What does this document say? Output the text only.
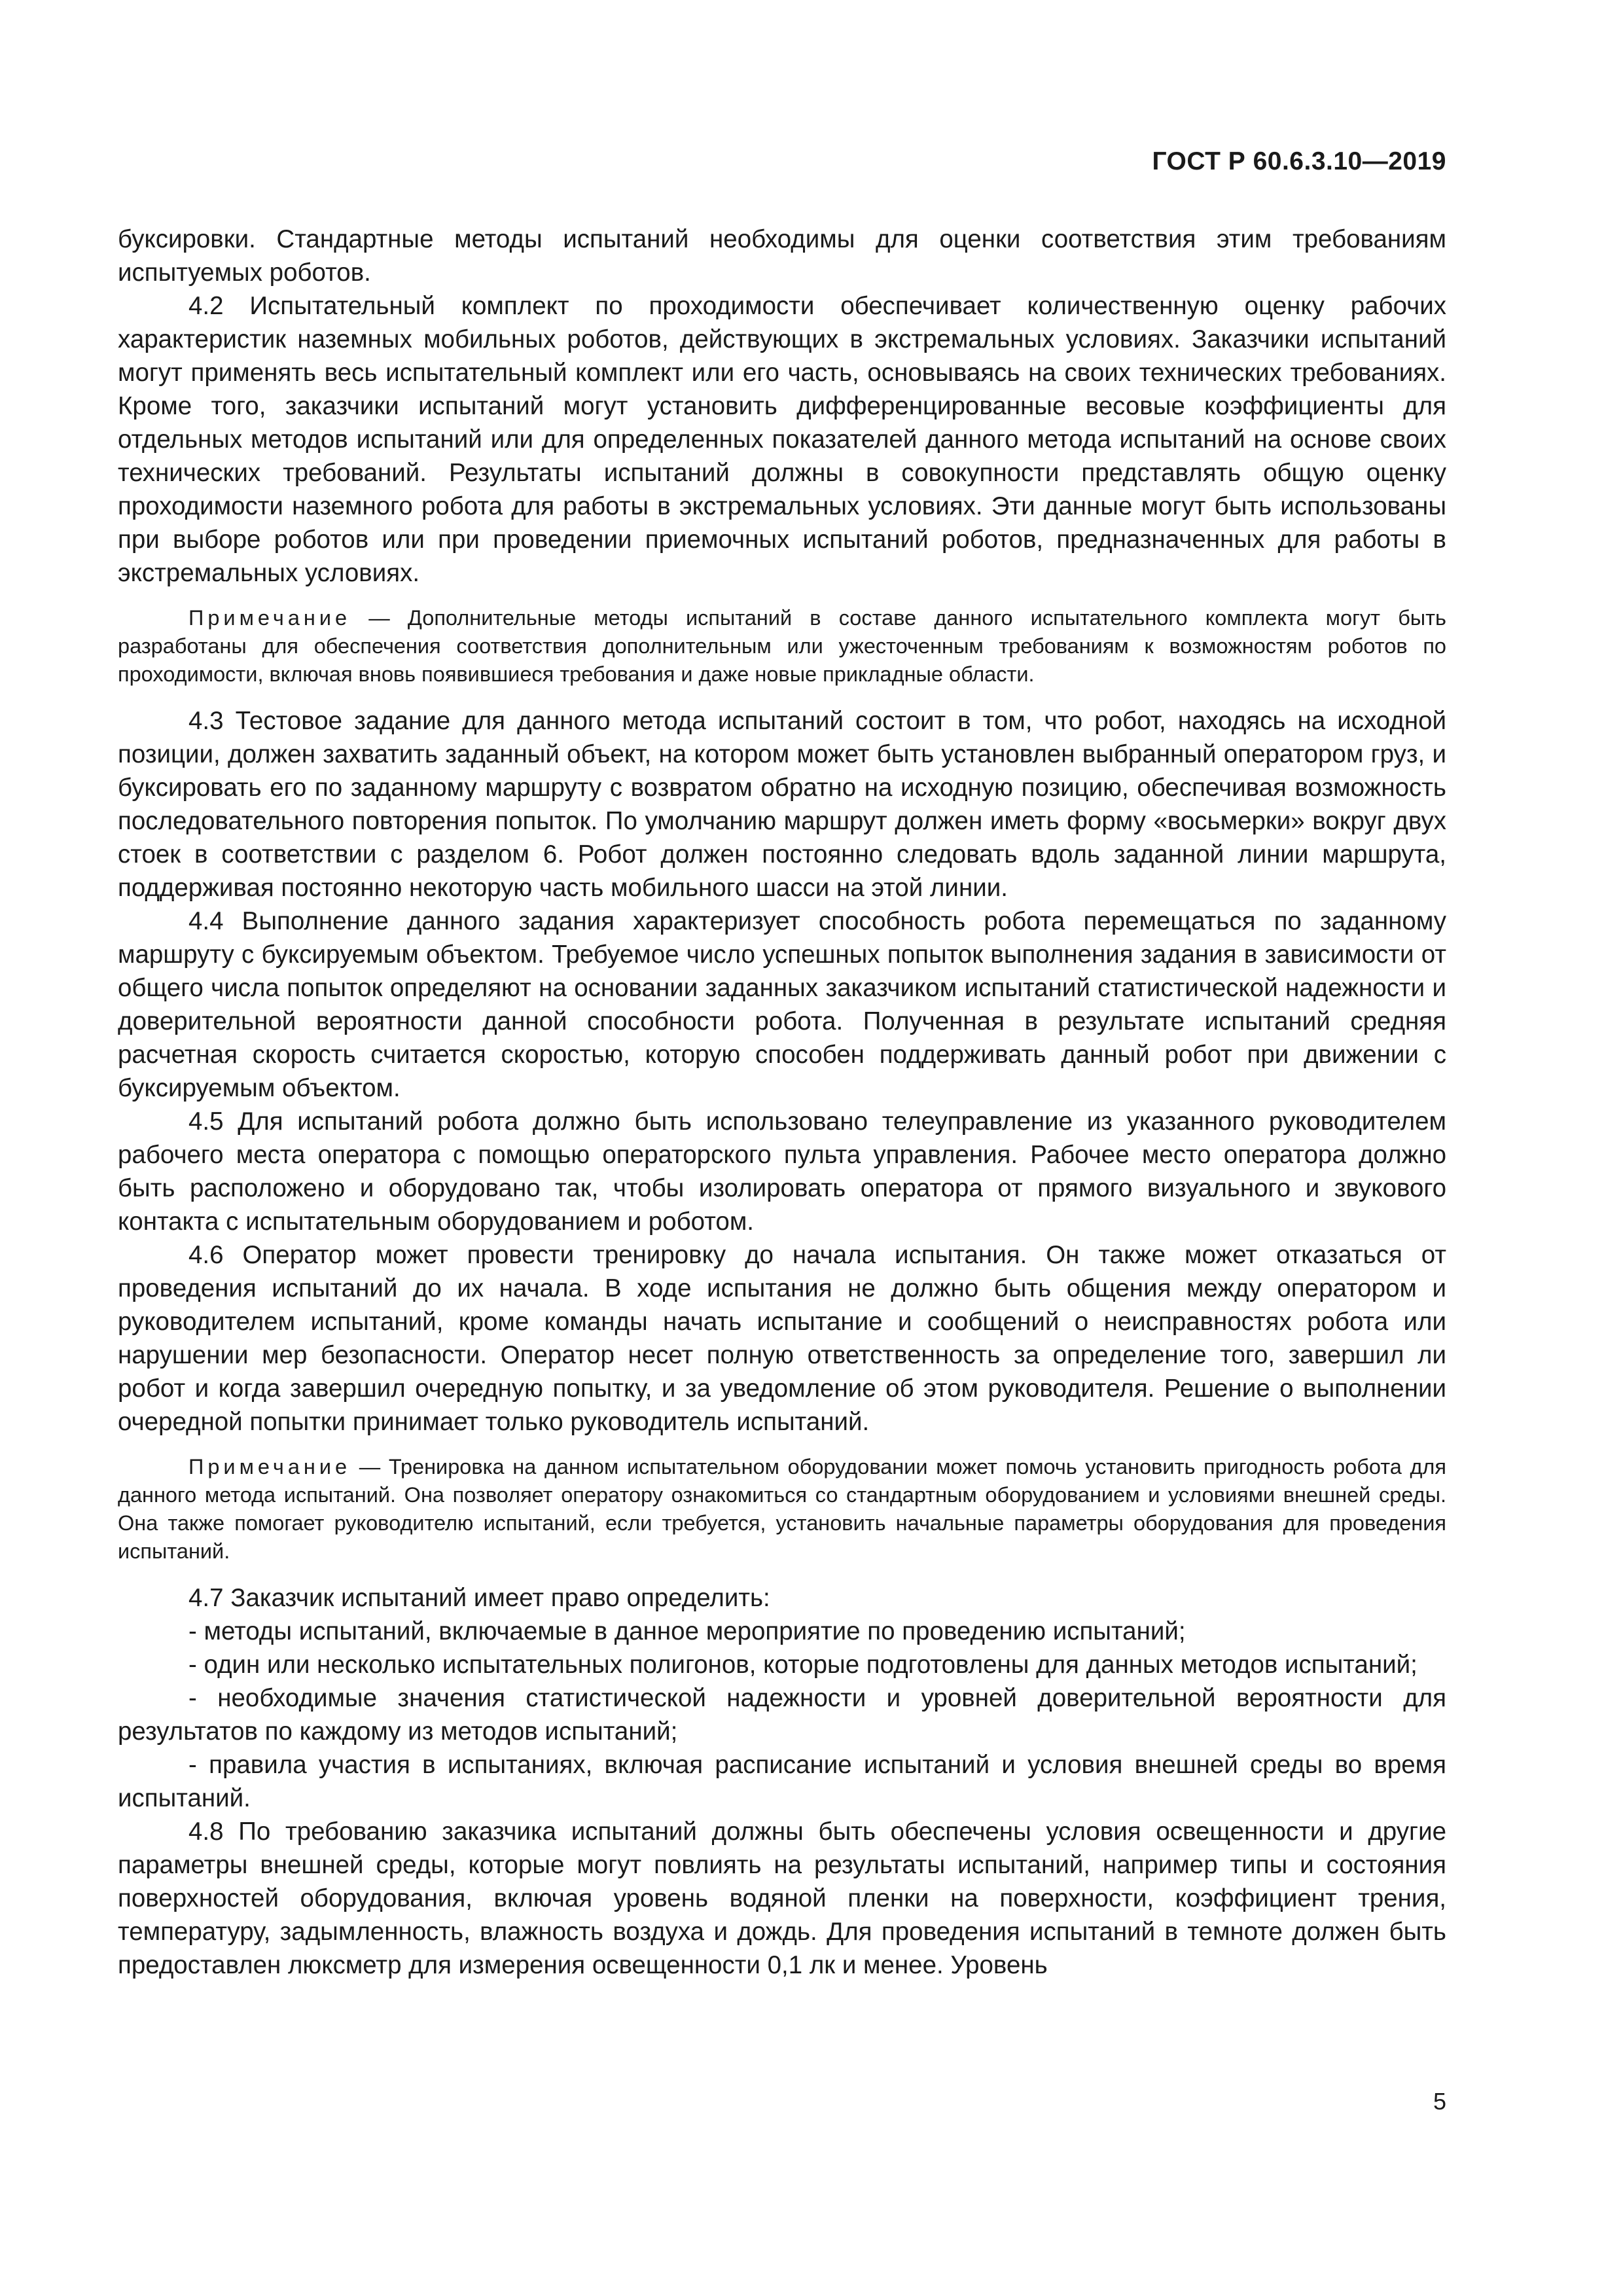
ГОСТ Р 60.6.3.10—2019

буксировки. Стандартные методы испытаний необходимы для оценки соответствия этим требованиям испытуемых роботов.

4.2 Испытательный комплект по проходимости обеспечивает количественную оценку рабочих характеристик наземных мобильных роботов, действующих в экстремальных условиях. Заказчики испытаний могут применять весь испытательный комплект или его часть, основываясь на своих технических требованиях. Кроме того, заказчики испытаний могут установить дифференцированные весовые коэффициенты для отдельных методов испытаний или для определенных показателей данного метода испытаний на основе своих технических требований. Результаты испытаний должны в совокупности представлять общую оценку проходимости наземного робота для работы в экстремальных условиях. Эти данные могут быть использованы при выборе роботов или при проведении приемочных испытаний роботов, предназначенных для работы в экстремальных условиях.

Примечание — Дополнительные методы испытаний в составе данного испытательного комплекта могут быть разработаны для обеспечения соответствия дополнительным или ужесточенным требованиям к возможностям роботов по проходимости, включая вновь появившиеся требования и даже новые прикладные области.

4.3 Тестовое задание для данного метода испытаний состоит в том, что робот, находясь на исходной позиции, должен захватить заданный объект, на котором может быть установлен выбранный оператором груз, и буксировать его по заданному маршруту с возвратом обратно на исходную позицию, обеспечивая возможность последовательного повторения попыток. По умолчанию маршрут должен иметь форму «восьмерки» вокруг двух стоек в соответствии с разделом 6. Робот должен постоянно следовать вдоль заданной линии маршрута, поддерживая постоянно некоторую часть мобильного шасси на этой линии.

4.4 Выполнение данного задания характеризует способность робота перемещаться по заданному маршруту с буксируемым объектом. Требуемое число успешных попыток выполнения задания в зависимости от общего числа попыток определяют на основании заданных заказчиком испытаний статистической надежности и доверительной вероятности данной способности робота. Полученная в результате испытаний средняя расчетная скорость считается скоростью, которую способен поддерживать данный робот при движении с буксируемым объектом.

4.5 Для испытаний робота должно быть использовано телеуправление из указанного руководителем рабочего места оператора с помощью операторского пульта управления. Рабочее место оператора должно быть расположено и оборудовано так, чтобы изолировать оператора от прямого визуального и звукового контакта с испытательным оборудованием и роботом.

4.6 Оператор может провести тренировку до начала испытания. Он также может отказаться от проведения испытаний до их начала. В ходе испытания не должно быть общения между оператором и руководителем испытаний, кроме команды начать испытание и сообщений о неисправностях робота или нарушении мер безопасности. Оператор несет полную ответственность за определение того, завершил ли робот и когда завершил очередную попытку, и за уведомление об этом руководителя. Решение о выполнении очередной попытки принимает только руководитель испытаний.

Примечание — Тренировка на данном испытательном оборудовании может помочь установить пригодность робота для данного метода испытаний. Она позволяет оператору ознакомиться со стандартным оборудованием и условиями внешней среды. Она также помогает руководителю испытаний, если требуется, установить начальные параметры оборудования для проведения испытаний.

4.7 Заказчик испытаний имеет право определить:

- методы испытаний, включаемые в данное мероприятие по проведению испытаний;

- один или несколько испытательных полигонов, которые подготовлены для данных методов испытаний;

- необходимые значения статистической надежности и уровней доверительной вероятности для результатов по каждому из методов испытаний;

- правила участия в испытаниях, включая расписание испытаний и условия внешней среды во время испытаний.

4.8 По требованию заказчика испытаний должны быть обеспечены условия освещенности и другие параметры внешней среды, которые могут повлиять на результаты испытаний, например типы и состояния поверхностей оборудования, включая уровень водяной пленки на поверхности, коэффициент трения, температуру, задымленность, влажность воздуха и дождь. Для проведения испытаний в темноте должен быть предоставлен люксметр для измерения освещенности 0,1 лк и менее. Уровень

5
